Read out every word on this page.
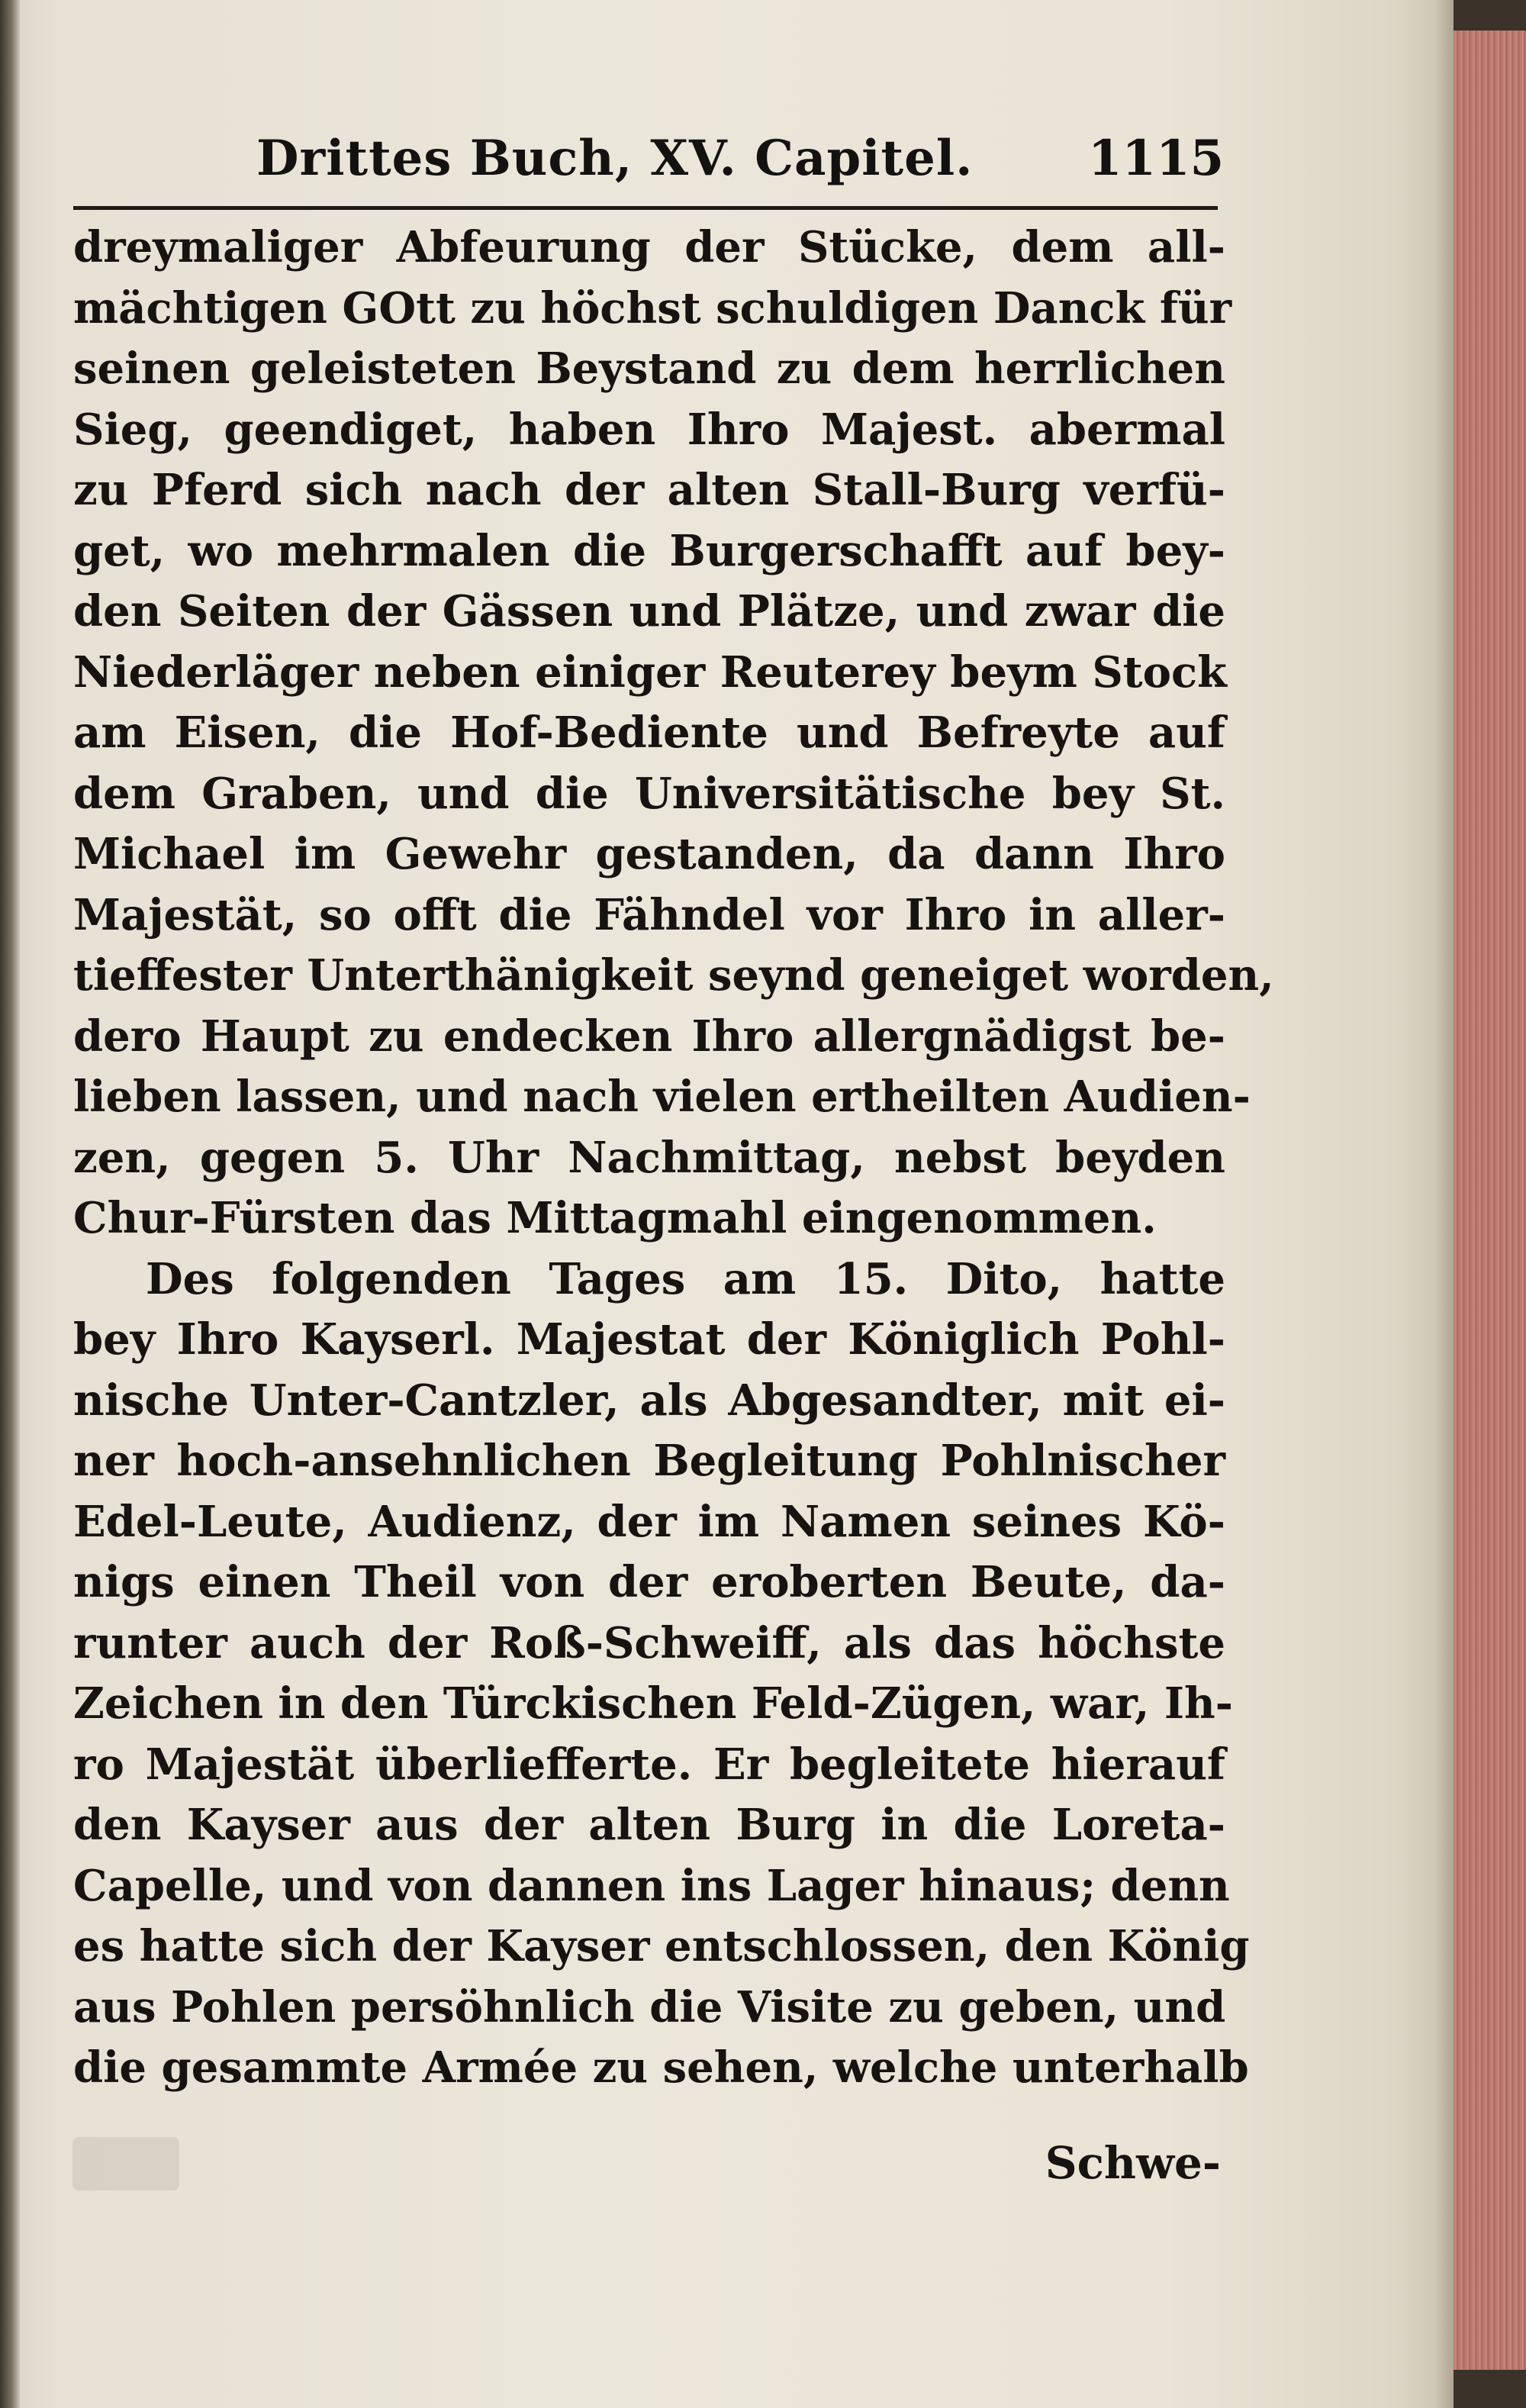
Drittes Buch, XV. Capitel. 1115
dreymaliger Abfeurung der Stücke, dem all-
mächtigen GOtt zu höchst schuldigen Danck für
seinen geleisteten Beystand zu dem herrlichen
Sieg, geendiget, haben Ihro Majest. abermal
zu Pferd sich nach der alten Stall-Burg verfü-
get, wo mehrmalen die Burgerschafft auf bey-
den Seiten der Gässen und Plätze, und zwar die
Niederläger neben einiger Reuterey beym Stock
am Eisen, die Hof-Bediente und Befreyte auf
dem Graben, und die Universitätische bey St.
Michael im Gewehr gestanden, da dann Ihro
Majestät, so offt die Fähndel vor Ihro in aller-
tieffester Unterthänigkeit seynd geneiget worden,
dero Haupt zu endecken Ihro allergnädigst be-
lieben lassen, und nach vielen ertheilten Audien-
zen, gegen 5. Uhr Nachmittag, nebst beyden
Chur-Fürsten das Mittagmahl eingenommen.
Des folgenden Tages am 15. Dito, hatte
bey Ihro Kayserl. Majestat der Königlich Pohl-
nische Unter-Cantzler, als Abgesandter, mit ei-
ner hoch-ansehnlichen Begleitung Pohlnischer
Edel-Leute, Audienz, der im Namen seines Kö-
nigs einen Theil von der eroberten Beute, da-
runter auch der Roß-Schweiff, als das höchste
Zeichen in den Türckischen Feld-Zügen, war, Ih-
ro Majestät überliefferte. Er begleitete hierauf
den Kayser aus der alten Burg in die Loreta-
Capelle, und von dannen ins Lager hinaus; denn
es hatte sich der Kayser entschlossen, den König
aus Pohlen persöhnlich die Visite zu geben, und
die gesammte Armée zu sehen, welche unterhalb
Schwe-
